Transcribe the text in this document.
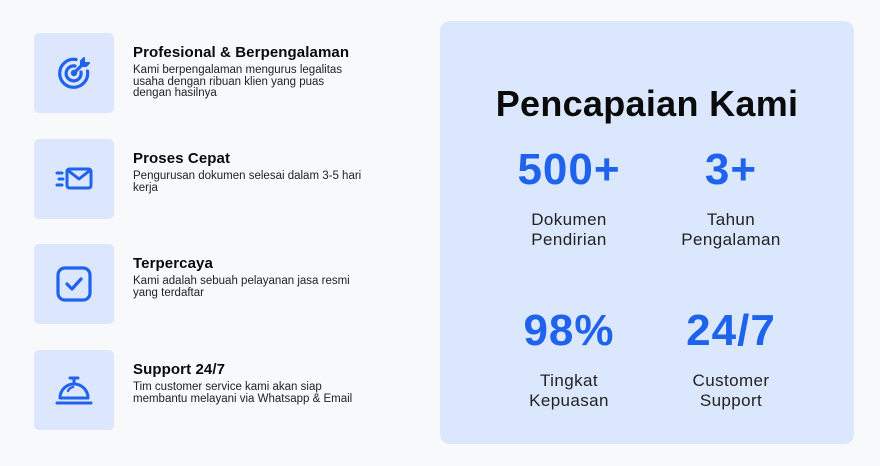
Profesional & Berpengalaman
Kami berpengalaman mengurus legalitas usaha dengan ribuan klien yang puas dengan hasilnya
Proses Cepat
Pengurusan dokumen selesai dalam 3-5 hari kerja
Terpercaya
Kami adalah sebuah pelayanan jasa resmi yang terdaftar
Support 24/7
Tim customer service kami akan siap membantu melayani via Whatsapp & Email
Pencapaian Kami
500+
Dokumen
Pendirian
3+
Tahun
Pengalaman
98%
Tingkat
Kepuasan
24/7
Customer
Support
